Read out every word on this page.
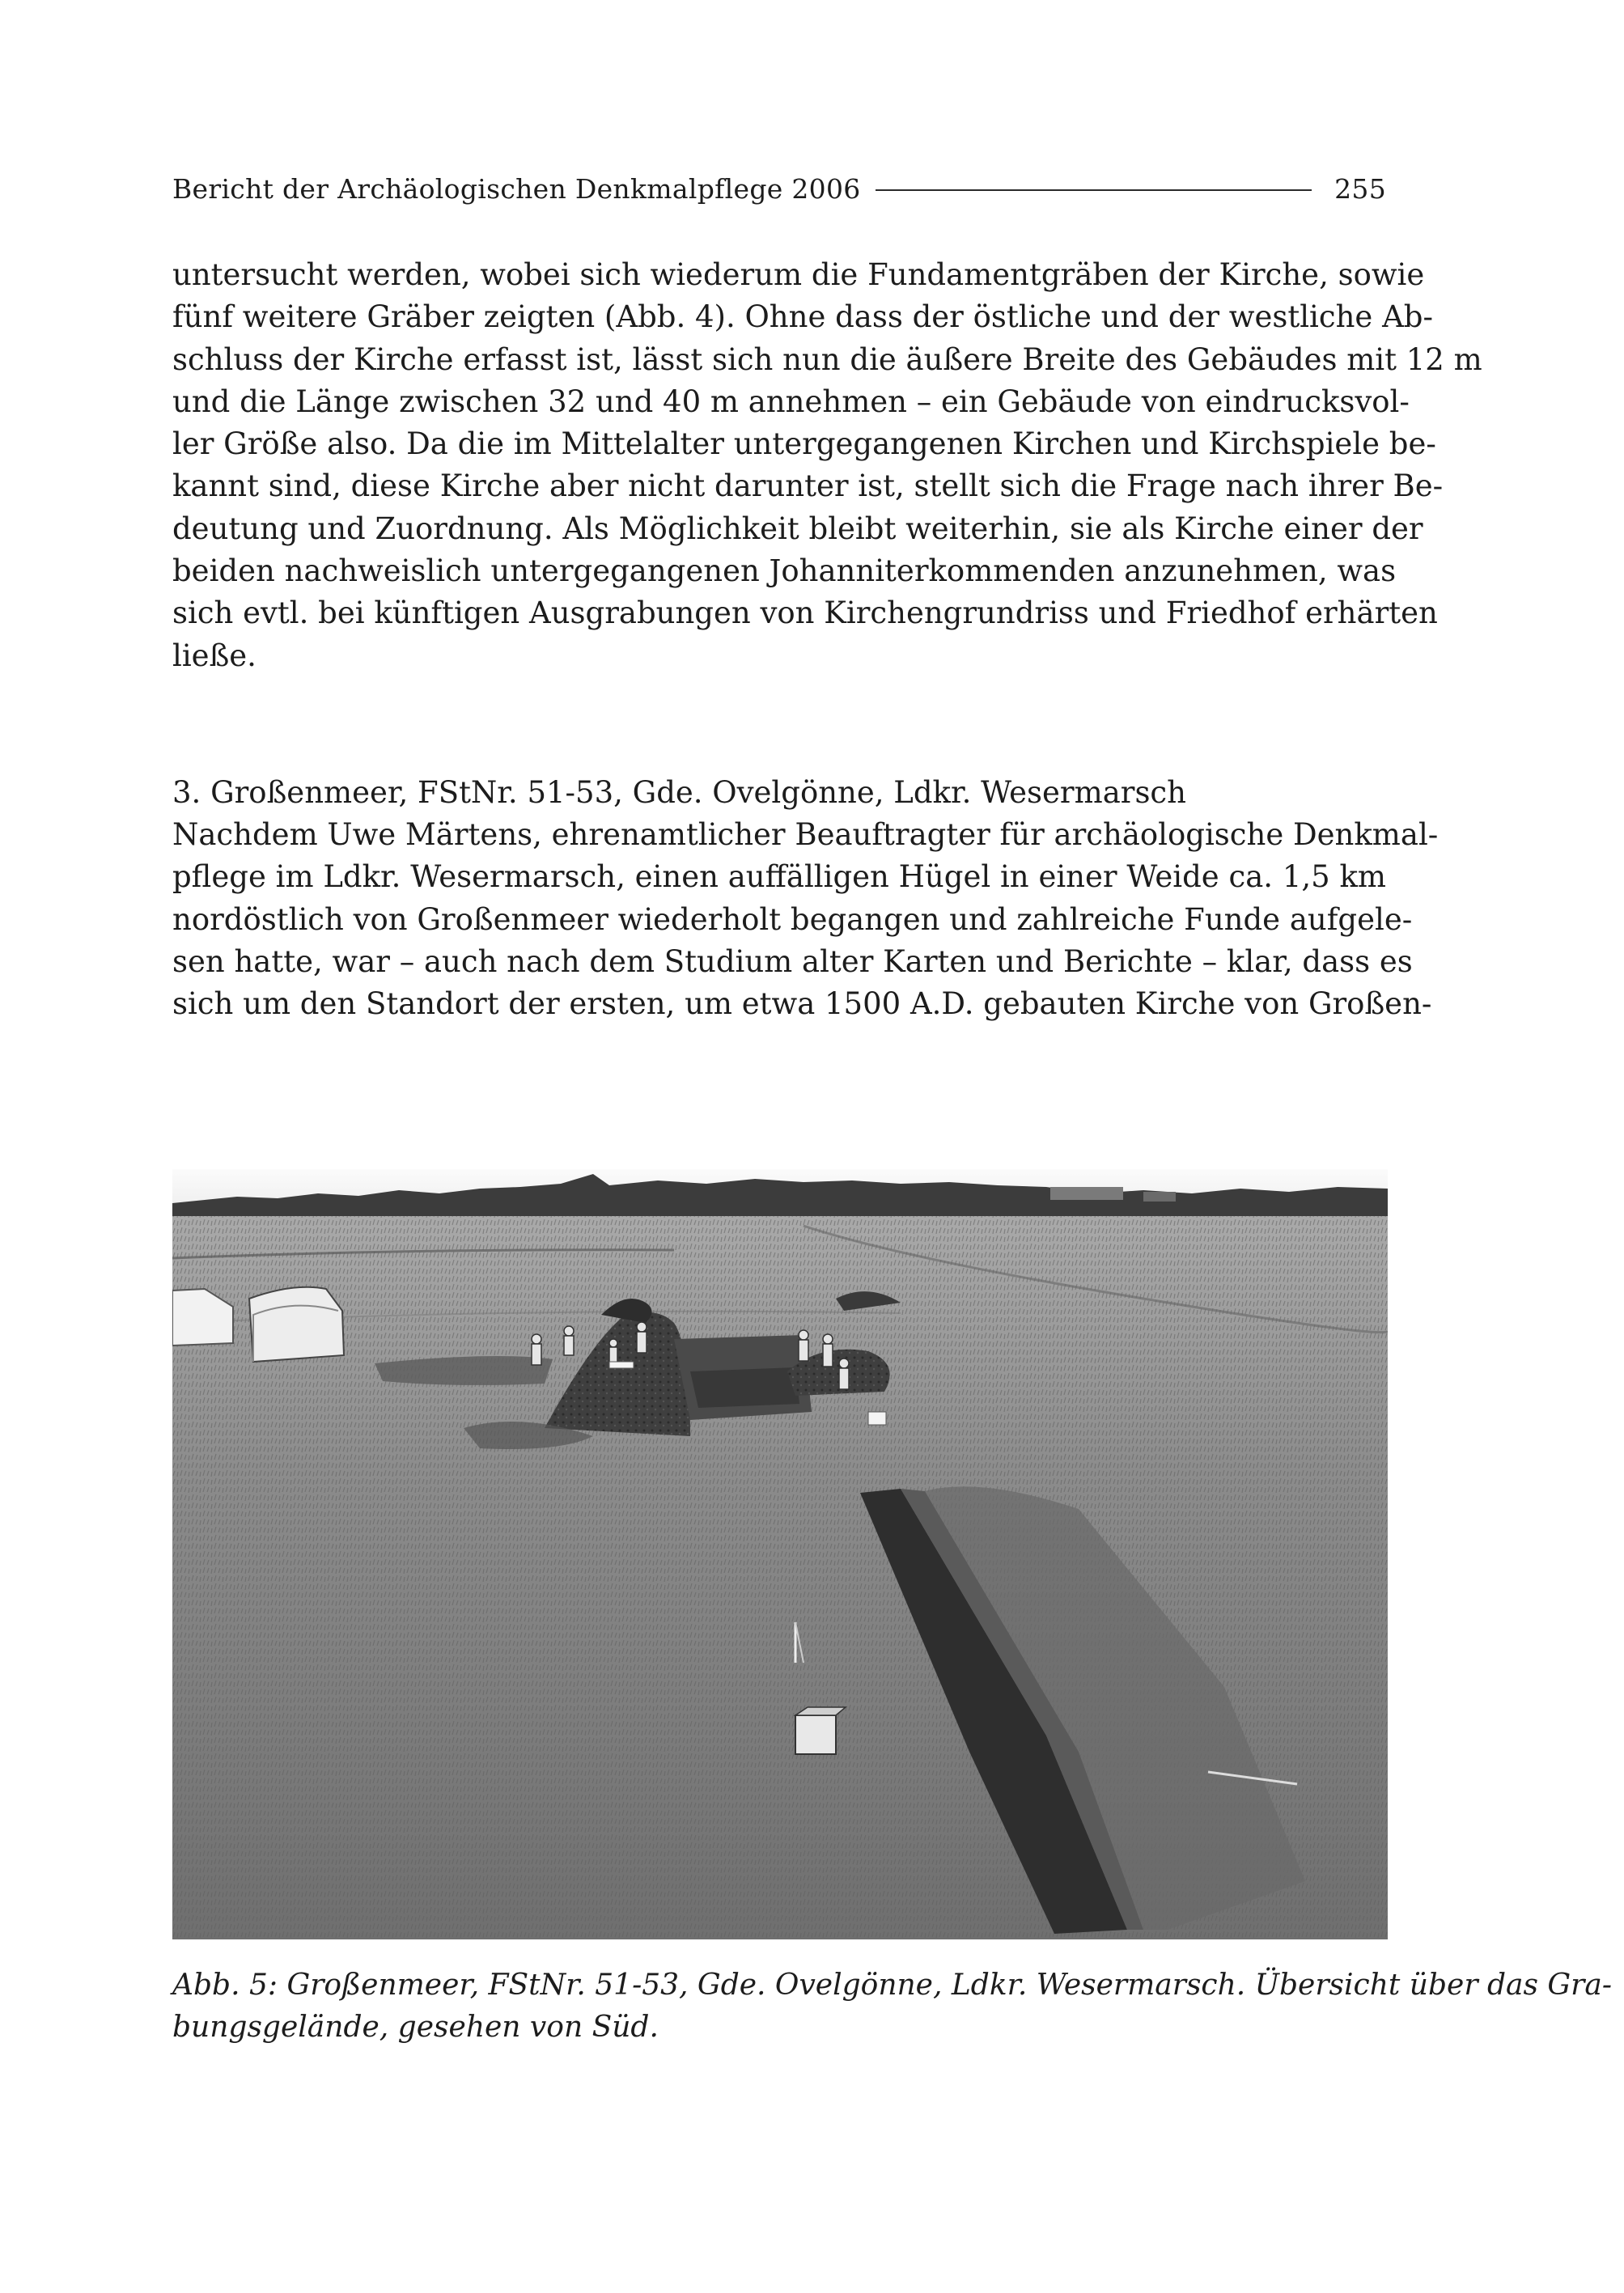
Bericht der Archäologischen Denkmalpflege 2006	255
untersucht werden, wobei sich wiederum die Fundamentgräben der Kirche, sowie
fünf weitere Gräber zeigten (Abb. 4). Ohne dass der östliche und der westliche Ab-
schluss der Kirche erfasst ist, lässt sich nun die äußere Breite des Gebäudes mit 12 m
und die Länge zwischen 32 und 40 m annehmen – ein Gebäude von eindrucksvol-
ler Größe also. Da die im Mittelalter untergegangenen Kirchen und Kirchspiele be-
kannt sind, diese Kirche aber nicht darunter ist, stellt sich die Frage nach ihrer Be-
deutung und Zuordnung. Als Möglichkeit bleibt weiterhin, sie als Kirche einer der
beiden nachweislich untergegangenen Johanniterkommenden anzunehmen, was
sich evtl. bei künftigen Ausgrabungen von Kirchengrundriss und Friedhof erhärten
ließe.
3. Großenmeer, FStNr. 51-53, Gde. Ovelgönne, Ldkr. Wesermarsch
Nachdem Uwe Märtens, ehrenamtlicher Beauftragter für archäologische Denkmal-
pflege im Ldkr. Wesermarsch, einen auffälligen Hügel in einer Weide ca. 1,5 km
nordöstlich von Großenmeer wiederholt begangen und zahlreiche Funde aufgele-
sen hatte, war – auch nach dem Studium alter Karten und Berichte – klar, dass es
sich um den Standort der ersten, um etwa 1500 A.D. gebauten Kirche von Großen-
Abb. 5: Großenmeer, FStNr. 51-53, Gde. Ovelgönne, Ldkr. Wesermarsch. Übersicht über das Gra-
bungsgelände, gesehen von Süd.
